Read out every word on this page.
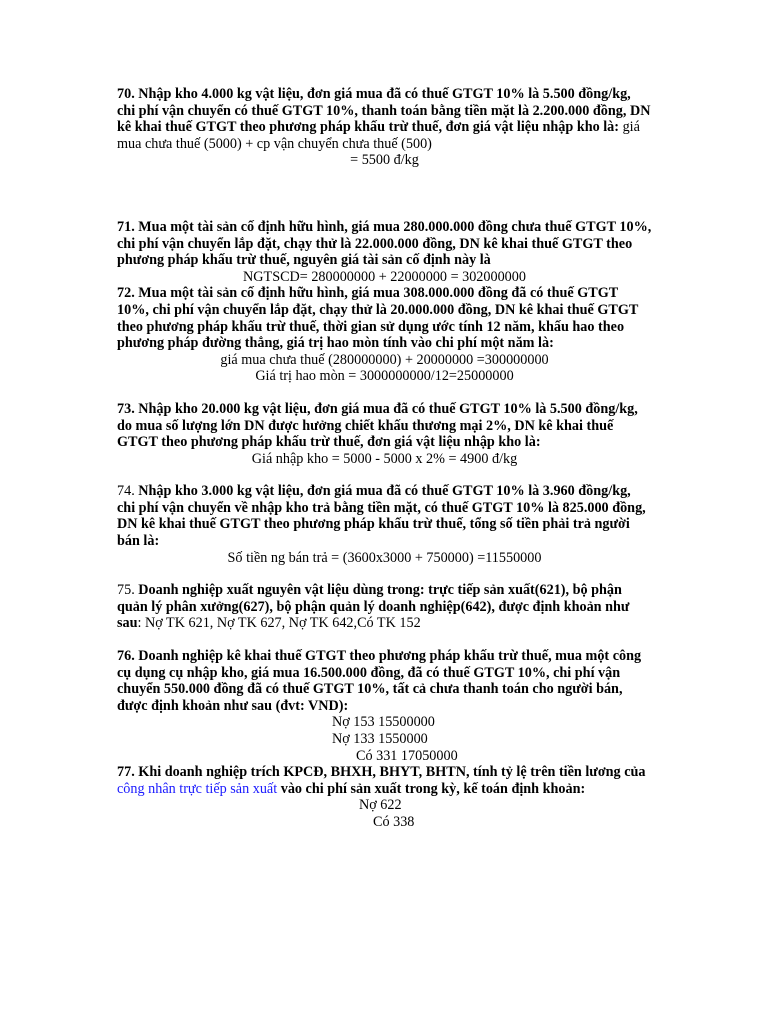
70. Nhập kho 4.000 kg vật liệu, đơn giá mua đã có thuế GTGT 10% là 5.500 đồng/kg, chi phí vận chuyển có thuế GTGT 10%, thanh toán bằng tiền mặt là 2.200.000 đồng, DN kê khai thuế GTGT theo phương pháp khấu trừ thuế, đơn giá vật liệu nhập kho là: giá mua chưa thuế (5000) + cp vận chuyển chưa thuế (500)

= 5500 đ/kg

71. Mua một tài sản cố định hữu hình, giá mua 280.000.000 đồng chưa thuế GTGT 10%, chi phí vận chuyển lắp đặt, chạy thử là 22.000.000 đồng, DN kê khai thuế GTGT theo phương pháp khấu trừ thuế, nguyên giá tài sản cố định này là

NGTSCD= 280000000 + 22000000 = 302000000

72. Mua một tài sản cố định hữu hình, giá mua 308.000.000 đồng đã có thuế GTGT 10%, chi phí vận chuyển lắp đặt, chạy thử là 20.000.000 đồng, DN kê khai thuế GTGT theo phương pháp khấu trừ thuế, thời gian sử dụng ước tính 12 năm, khấu hao theo phương pháp đường thẳng, giá trị hao mòn tính vào chi phí một năm là:

giá mua chưa thuế (280000000) + 20000000 =300000000

Giá trị hao mòn = 3000000000/12=25000000

73. Nhập kho 20.000 kg vật liệu, đơn giá mua đã có thuế GTGT 10% là 5.500 đồng/kg, do mua số lượng lớn DN được hưởng chiết khấu thương mại 2%, DN kê khai thuế GTGT theo phương pháp khấu trừ thuế, đơn giá vật liệu nhập kho là:

Giá nhập kho = 5000 - 5000 x 2% = 4900 đ/kg

74. Nhập kho 3.000 kg vật liệu, đơn giá mua đã có thuế GTGT 10% là 3.960 đồng/kg, chi phí vận chuyển về nhập kho trả bằng tiền mặt, có thuế GTGT 10% là 825.000 đồng, DN kê khai thuế GTGT theo phương pháp khấu trừ thuế, tổng số tiền phải trả người bán là:

Số tiền ng bán trả = (3600x3000 + 750000) =11550000

75. Doanh nghiệp xuất nguyên vật liệu dùng trong: trực tiếp sản xuất(621), bộ phận quản lý phân xưởng(627), bộ phận quản lý doanh nghiệp(642), được định khoản như sau: Nợ TK 621, Nợ TK 627, Nợ TK 642,Có TK 152

76. Doanh nghiệp kê khai thuế GTGT theo phương pháp khấu trừ thuế, mua một công cụ dụng cụ nhập kho, giá mua 16.500.000 đồng, đã có thuế GTGT 10%, chi phí vận chuyển 550.000 đồng đã có thuế GTGT 10%, tất cả chưa thanh toán cho người bán, được định khoản như sau (đvt: VND):

Nợ 153 15500000
Nợ 133 1550000
Có 331 17050000

77. Khi doanh nghiệp trích KPCĐ, BHXH, BHYT, BHTN, tính tỷ lệ trên tiền lương của công nhân trực tiếp sản xuất vào chi phí sản xuất trong kỳ, kế toán định khoản:

Nợ 622
Có 338
